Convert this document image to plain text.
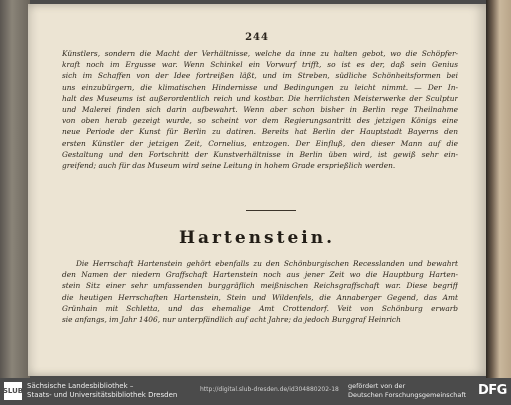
244
Künstlers, sondern die Macht der Verhältnisse, welche da inne zu halten gebot, wo die Schöpfer-
kraft noch im Ergusse war. Wenn Schinkel ein Vorwurf trifft, so ist es der, daß sein Genius
sich im Schaffen von der Idee fortreißen läßt, und im Streben, südliche Schönheitsformen bei
uns einzubürgern, die klimatischen Hindernisse und Bedingungen zu leicht nimmt. — Der In-
halt des Museums ist außerordentlich reich und kostbar. Die herrlichsten Meisterwerke der Sculptur
und Malerei finden sich darin aufbewahrt. Wenn aber schon bisher in Berlin rege Theilnahme
von oben herab gezeigt wurde, so scheint vor dem Regierungsantritt des jetzigen Königs eine
neue Periode der Kunst für Berlin zu datiren. Bereits hat Berlin der Hauptstadt Bayerns den
ersten Künstler der jetzigen Zeit, Cornelius, entzogen. Der Einfluß, den dieser Mann auf die
Gestaltung und den Fortschritt der Kunstverhältnisse in Berlin üben wird, ist gewiß sehr ein-
greifend; auch für das Museum wird seine Leitung in hohem Grade ersprießlich werden.
Hartenstein.
Die Herrschaft Hartenstein gehört ebenfalls zu den Schönburgischen Recesslanden und bewahrt
den Namen der niedern Graffschaft Hartenstein noch aus jener Zeit wo die Hauptburg Harten-
stein Sitz einer sehr umfassenden burggräflich meißnischen Reichsgraffschaft war. Diese begriff
die heutigen Herrschaften Hartenstein, Stein und Wildenfels, die Annaberger Gegend, das Amt
Grünhain mit Schletta, und das ehemalige Amt Crottendorf. Veit von Schönburg erwarb
sie anfangs, im Jahr 1406, nur unterpfändlich auf acht Jahre; da jedoch Burggraf Heinrich
SLUB
Sächsische Landesbibliothek –
Staats- und Universitätsbibliothek Dresden
http://digital.slub-dresden.de/id304880202-18 gefördert von der
Deutschen Forschungsgemeinschaft DFG
